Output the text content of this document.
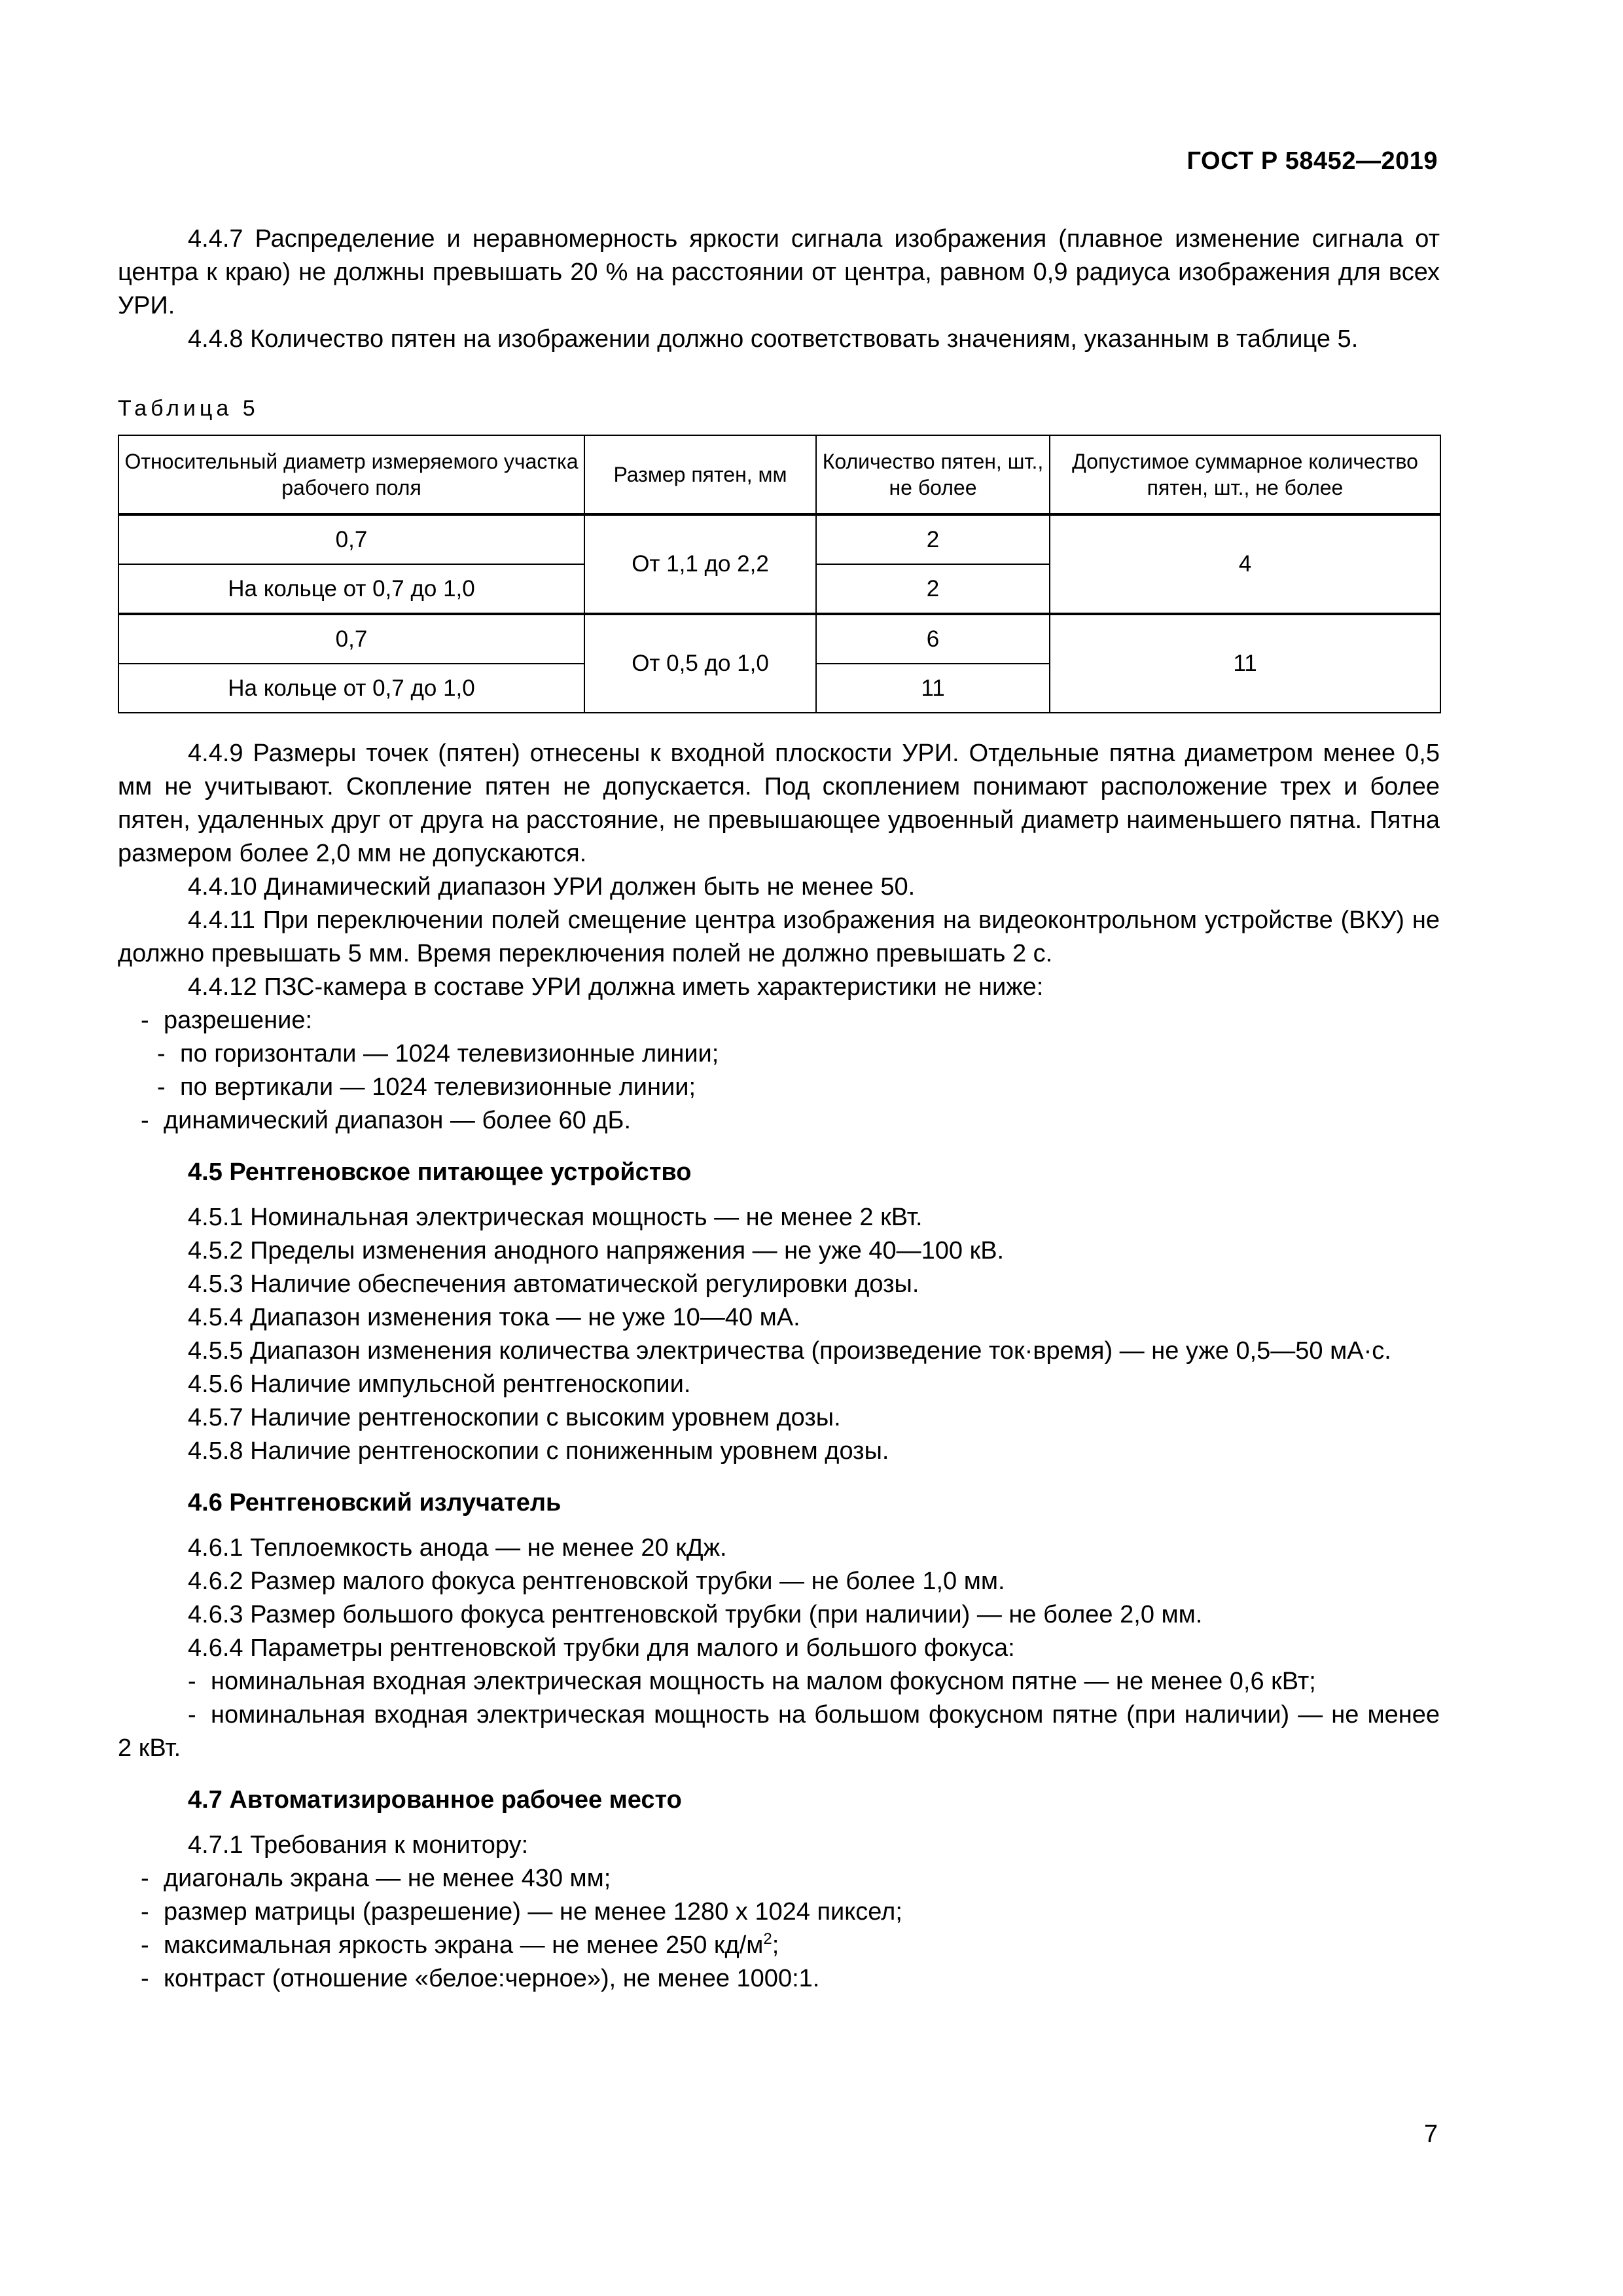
ГОСТ Р 58452—2019

4.4.7 Распределение и неравномерность яркости сигнала изображения (плавное изменение сигнала от центра к краю) не должны превышать 20 % на расстоянии от центра, равном 0,9 радиуса изображения для всех УРИ.

4.4.8 Количество пятен на изображении должно соответствовать значениям, указанным в таблице 5.

Таблица 5
Относительный диаметр измеряемого участка рабочего поля	Размер пятен, мм	Количество пятен, шт., не более	Допустимое суммарное количество пятен, шт., не более
0,7	От 1,1 до 2,2	2	4
На кольце от 0,7 до 1,0		2	
0,7	От 0,5 до 1,0	6	11
На кольце от 0,7 до 1,0		11	

4.4.9 Размеры точек (пятен) отнесены к входной плоскости УРИ. Отдельные пятна диаметром менее 0,5 мм не учитывают. Скопление пятен не допускается. Под скоплением понимают расположение трех и более пятен, удаленных друг от друга на расстояние, не превышающее удвоенный диаметр наименьшего пятна. Пятна размером более 2,0 мм не допускаются.

4.4.10 Динамический диапазон УРИ должен быть не менее 50.

4.4.11 При переключении полей смещение центра изображения на видеоконтрольном устройстве (ВКУ) не должно превышать 5 мм. Время переключения полей не должно превышать 2 с.

4.4.12 ПЗС-камера в составе УРИ должна иметь характеристики не ниже:

- разрешение:
- по горизонтали — 1024 телевизионные линии;
- по вертикали — 1024 телевизионные линии;
- динамический диапазон — более 60 дБ.
4.5 Рентгеновское питающее устройство

4.5.1 Номинальная электрическая мощность — не менее 2 кВт.

4.5.2 Пределы изменения анодного напряжения — не уже 40—100 кВ.

4.5.3 Наличие обеспечения автоматической регулировки дозы.

4.5.4 Диапазон изменения тока — не уже 10—40 мА.

4.5.5 Диапазон изменения количества электричества (произведение ток·время) — не уже 0,5—50 мА·с.

4.5.6 Наличие импульсной рентгеноскопии.

4.5.7 Наличие рентгеноскопии с высоким уровнем дозы.

4.5.8 Наличие рентгеноскопии с пониженным уровнем дозы.

4.6 Рентгеновский излучатель

4.6.1 Теплоемкость анода — не менее 20 кДж.

4.6.2 Размер малого фокуса рентгеновской трубки — не более 1,0 мм.

4.6.3 Размер большого фокуса рентгеновской трубки (при наличии) — не более 2,0 мм.

4.6.4 Параметры рентгеновской трубки для малого и большого фокуса:

- номинальная входная электрическая мощность на малом фокусном пятне — не менее 0,6 кВт;

- номинальная входная электрическая мощность на большом фокусном пятне (при наличии) — не менее 2 кВт.

4.7 Автоматизированное рабочее место

4.7.1 Требования к монитору:

- диагональ экрана — не менее 430 мм;
- размер матрицы (разрешение) — не менее 1280 x 1024 пиксел;
- максимальная яркость экрана — не менее 250 $кд/м^2$;
- контраст (отношение «белое:черное»), не менее 1000:1.
7
